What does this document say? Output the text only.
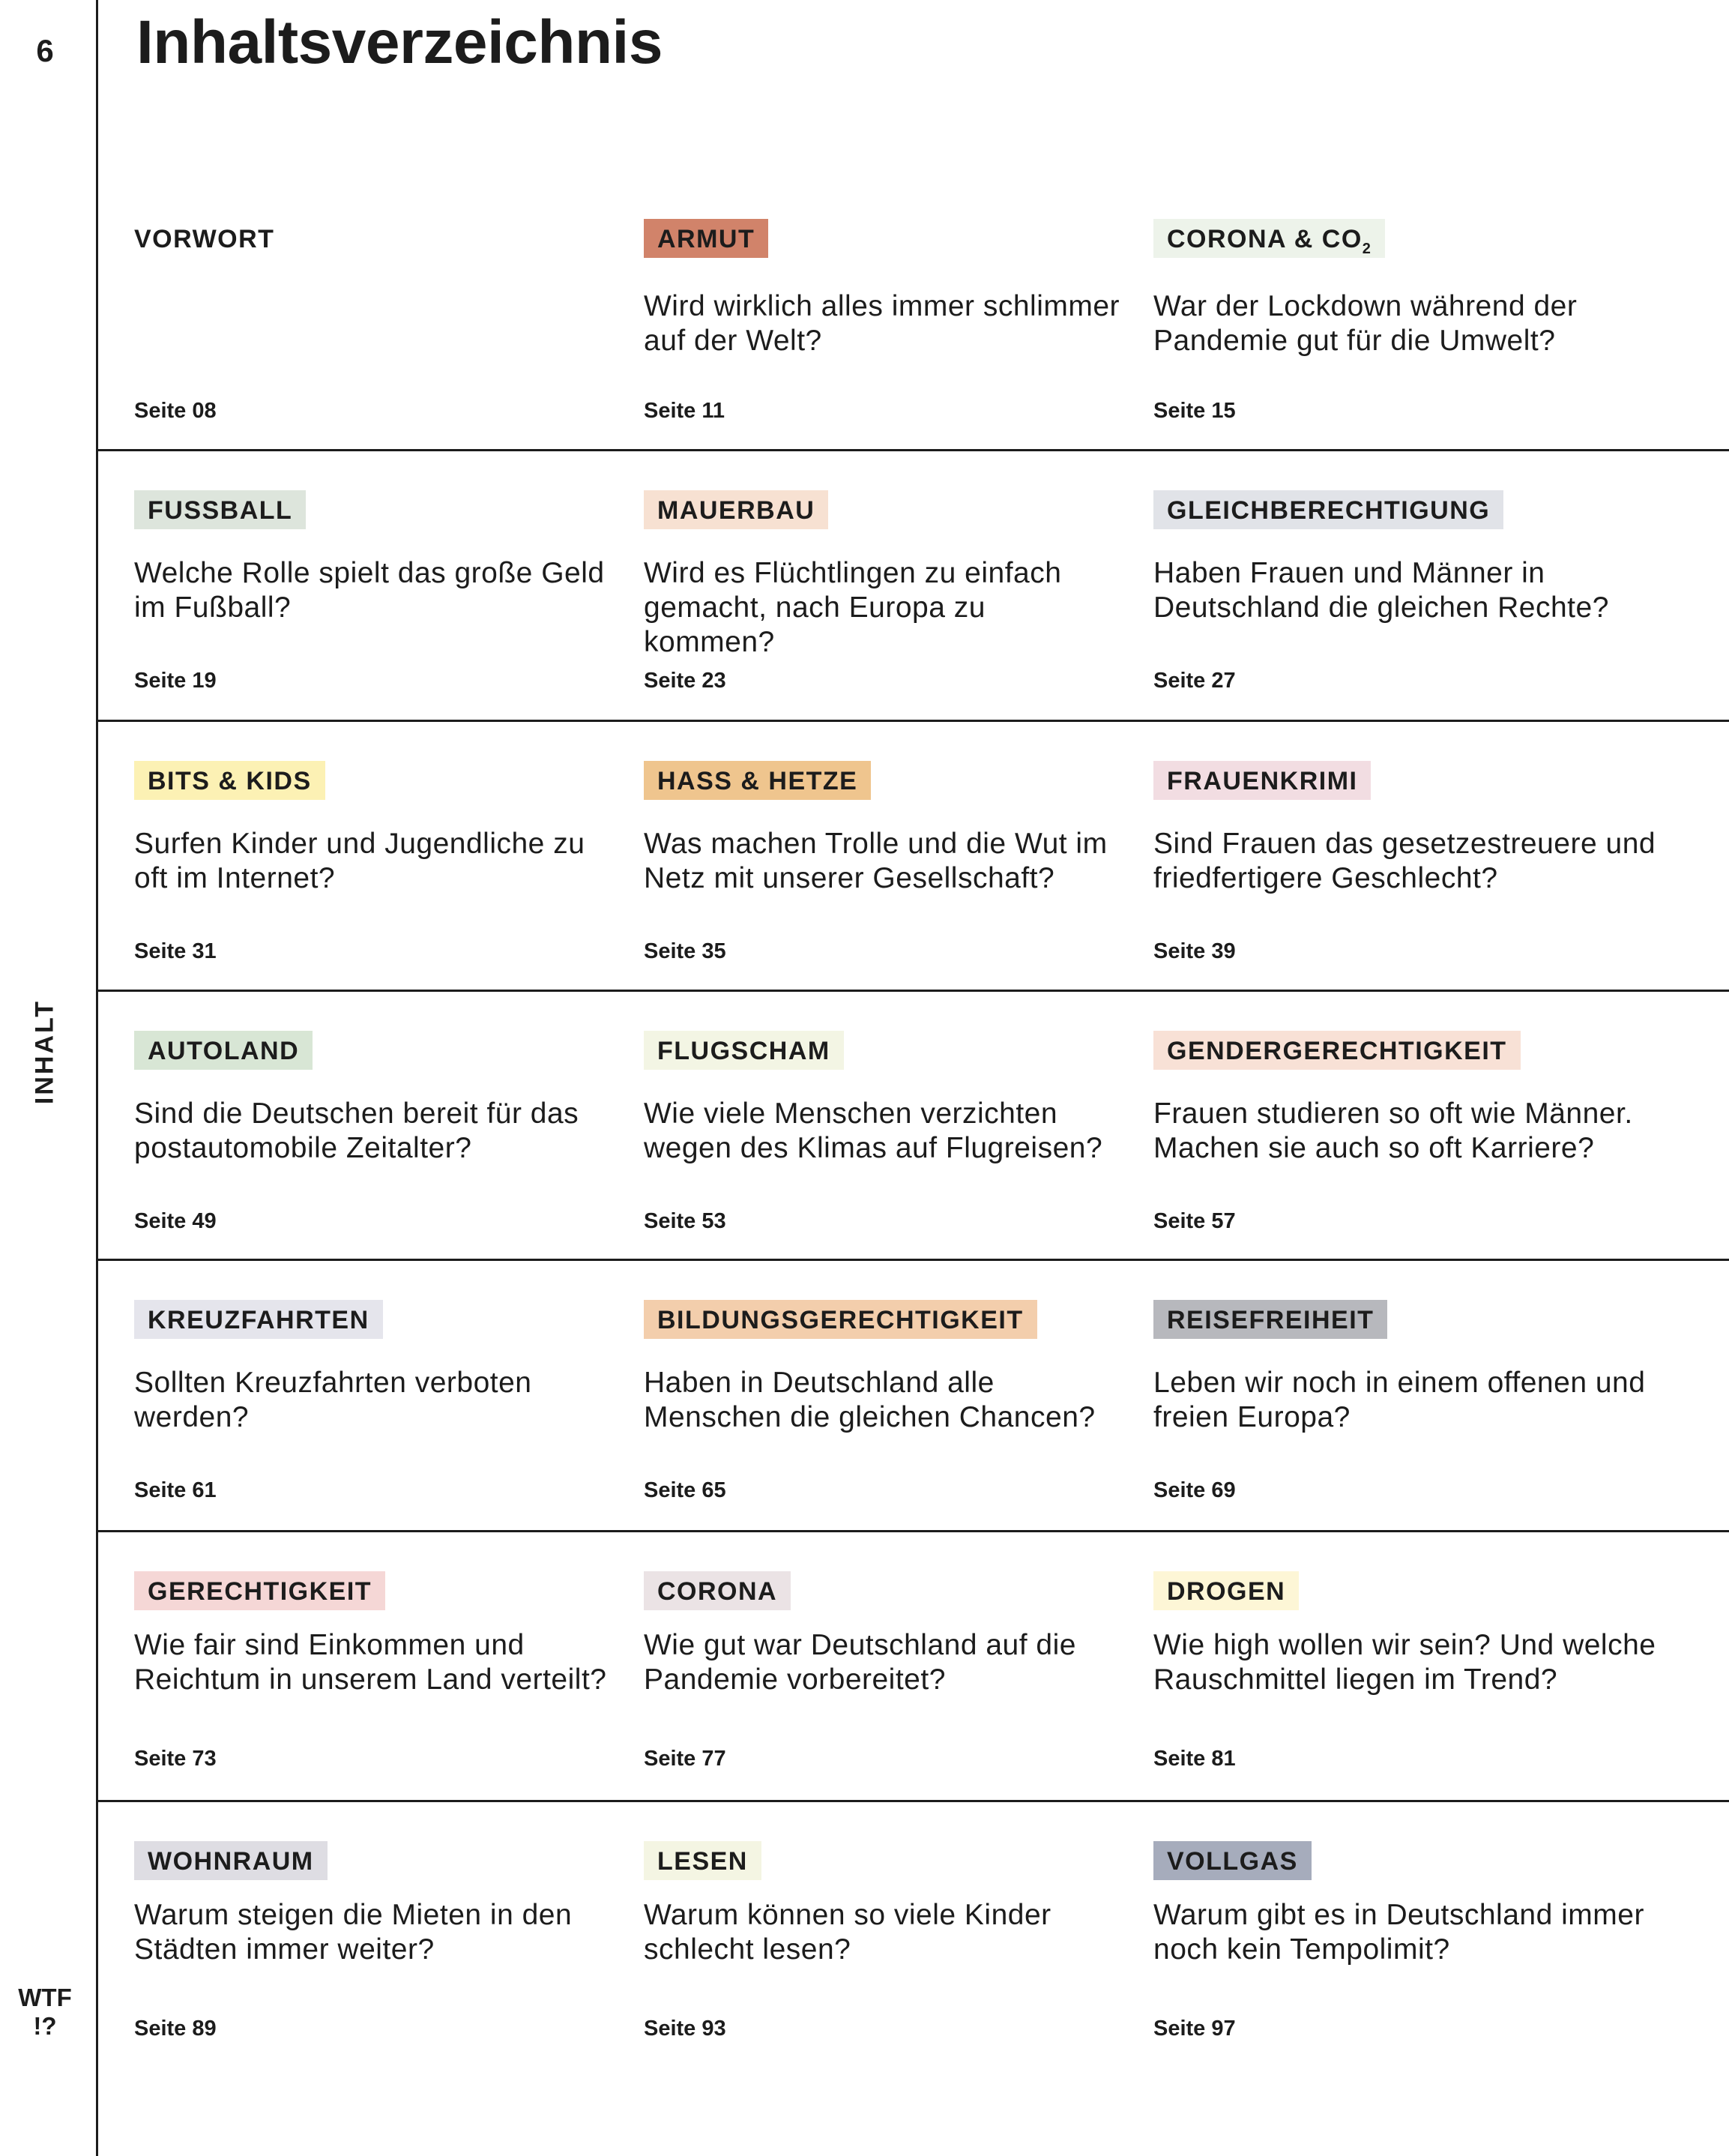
6
INHALT
WTF
!?
Inhaltsverzeichnis
VORWORT
Seite 08
ARMUT

Wird wirklich alles immer schlimmer auf der Welt?

Seite 11
CORONA & $CO_2$

War der Lockdown während der Pandemie gut für die Umwelt?

Seite 15
FUSSBALL

Welche Rolle spielt das große Geld im Fußball?

Seite 19
MAUERBAU

Wird es Flüchtlingen zu einfach gemacht, nach Europa zu kommen?

Seite 23
GLEICHBERECHTIGUNG

Haben Frauen und Männer in Deutschland die gleichen Rechte?

Seite 27
BITS & KIDS

Surfen Kinder und Jugendliche zu oft im Internet?

Seite 31
HASS & HETZE

Was machen Trolle und die Wut im Netz mit unserer Gesellschaft?

Seite 35
FRAUENKRIMI

Sind Frauen das gesetzestreuere und friedfertigere Geschlecht?

Seite 39
AUTOLAND

Sind die Deutschen bereit für das postautomobile Zeitalter?

Seite 49
FLUGSCHAM

Wie viele Menschen verzichten wegen des Klimas auf Flugreisen?

Seite 53
GENDERGERECHTIGKEIT

Frauen studieren so oft wie Männer. Machen sie auch so oft Karriere?

Seite 57
KREUZFAHRTEN

Sollten Kreuzfahrten verboten werden?

Seite 61
BILDUNGSGERECHTIGKEIT

Haben in Deutschland alle Menschen die gleichen Chancen?

Seite 65
REISEFREIHEIT

Leben wir noch in einem offenen und freien Europa?

Seite 69
GERECHTIGKEIT

Wie fair sind Einkommen und Reichtum in unserem Land verteilt?

Seite 73
CORONA

Wie gut war Deutschland auf die Pandemie vorbereitet?

Seite 77
DROGEN

Wie high wollen wir sein? Und welche Rauschmittel liegen im Trend?

Seite 81
WOHNRAUM

Warum steigen die Mieten in den Städten immer weiter?

Seite 89
LESEN

Warum können so viele Kinder schlecht lesen?

Seite 93
VOLLGAS

Warum gibt es in Deutschland immer noch kein Tempolimit?

Seite 97
